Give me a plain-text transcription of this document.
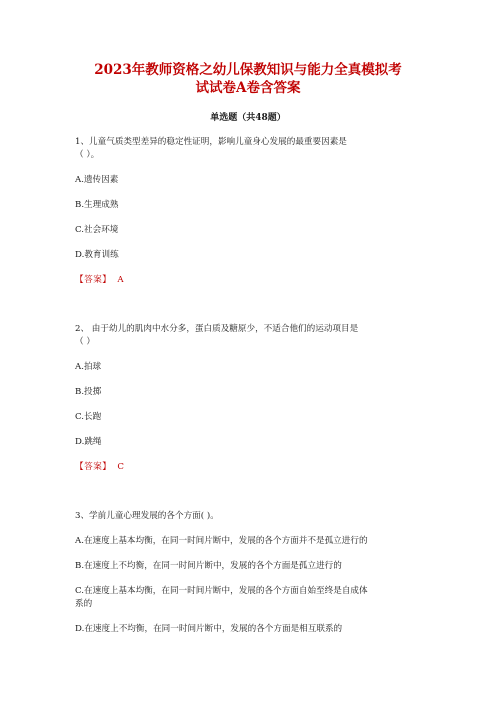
2023年教师资格之幼儿保教知识与能力全真模拟考
试试卷A卷含答案
单选题（共48题）
1、儿童气质类型差异的稳定性证明，影响儿童身心发展的最重要因素是
（ ）。
A.遗传因素
B.生理成熟
C.社会环境
D.教育训练
【答案】 A
2、 由于幼儿的肌肉中水分多，蛋白质及糖原少，不适合他们的运动项目是
（ ）
A.拍球
B.投掷
C.长跑
D.跳绳
【答案】 C
3、学前儿童心理发展的各个方面( )。
A.在速度上基本均衡，在同一时间片断中，发展的各个方面并不是孤立进行的
B.在速度上不均衡，在同一时间片断中，发展的各个方面是孤立进行的
C.在速度上基本均衡，在同一时间片断中，发展的各个方面自始至终是自成体
系的
D.在速度上不均衡，在同一时间片断中，发展的各个方面是相互联系的
